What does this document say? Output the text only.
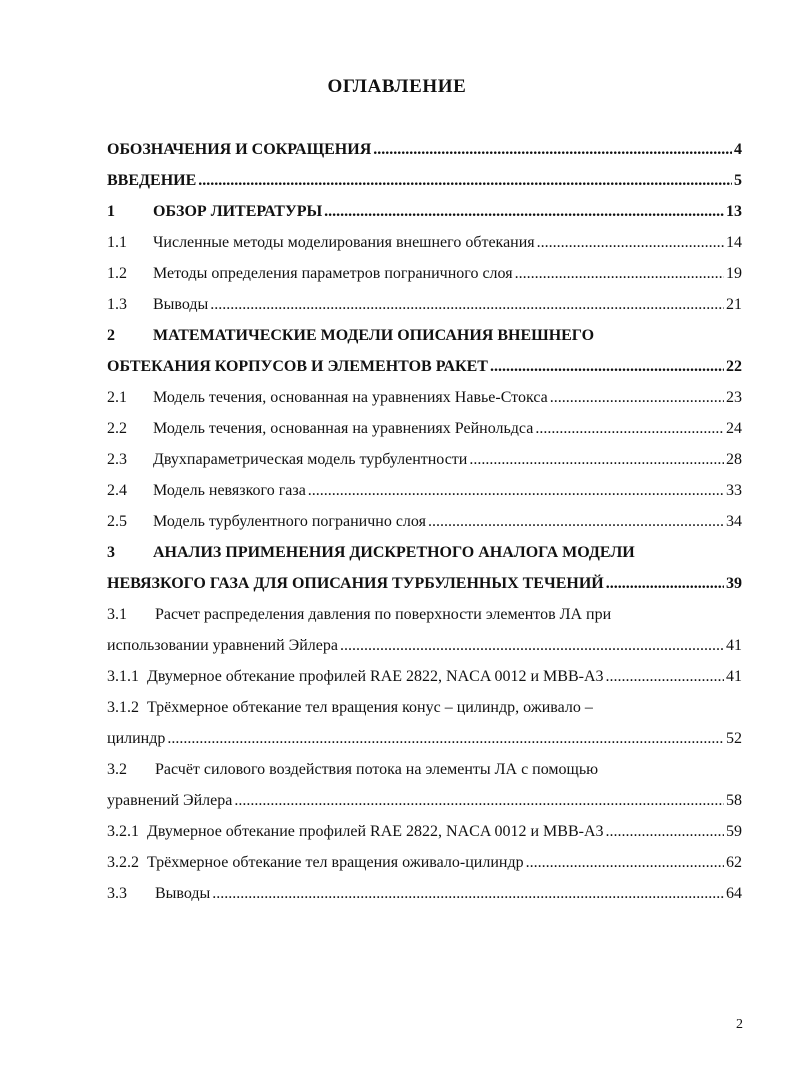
ОГЛАВЛЕНИЕ
ОБОЗНАЧЕНИЯ И СОКРАЩЕНИЯ .....	4
ВВЕДЕНИЕ .....	5
1	ОБЗОР ЛИТЕРАТУРЫ .....	13
1.1	Численные методы моделирования внешнего обтекания .....	14
1.2	Методы определения параметров пограничного слоя .....	19
1.3	Выводы .....	21
2	МАТЕМАТИЧЕСКИЕ МОДЕЛИ ОПИСАНИЯ ВНЕШНЕГО
ОБТЕКАНИЯ КОРПУСОВ И ЭЛЕМЕНТОВ РАКЕТ .....	22
2.1	Модель течения, основанная на уравнениях Навье-Стокса .....	23
2.2	Модель течения, основанная на уравнениях Рейнольдса .....	24
2.3	Двухпараметрическая модель турбулентности .....	28
2.4	Модель невязкого газа .....	33
2.5	Модель турбулентного погранично слоя .....	34
3	АНАЛИЗ ПРИМЕНЕНИЯ ДИСКРЕТНОГО АНАЛОГА МОДЕЛИ
НЕВЯЗКОГО ГАЗА ДЛЯ ОПИСАНИЯ ТУРБУЛЕННЫХ ТЕЧЕНИЙ .....	39
3.1	Расчет распределения давления по поверхности элементов ЛА при
использовании уравнений Эйлера .....	41
3.1.1 Двумерное обтекание профилей RAE 2822, NACA 0012 и MBB-A3 .....	41
3.1.2 Трёхмерное обтекание тел вращения конус – цилиндр, оживало –
цилиндр .....	52
3.2	Расчёт силового воздействия потока на элементы ЛА с помощью
уравнений Эйлера .....	58
3.2.1 Двумерное обтекание профилей RAE 2822, NACA 0012 и MBB-A3 .....	59
3.2.2 Трёхмерное обтекание тел вращения оживало-цилиндр .....	62
3.3	Выводы .....	64
2
